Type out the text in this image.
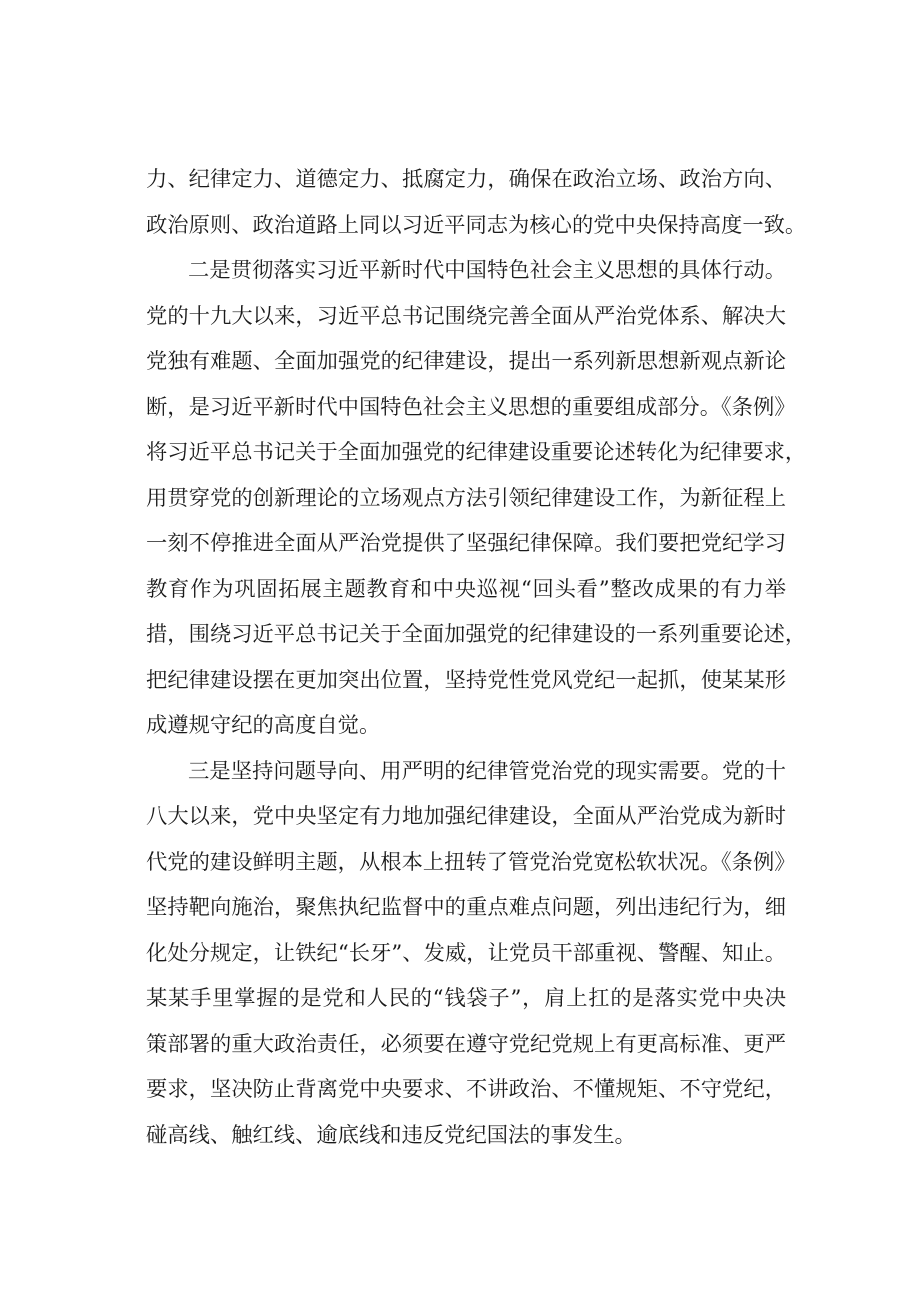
力、纪律定力、道德定力、抵腐定力，确保在政治立场、政治方向、
政治原则、政治道路上同以习近平同志为核心的党中央保持高度一致。
二是贯彻落实习近平新时代中国特色社会主义思想的具体行动。
党的十九大以来，习近平总书记围绕完善全面从严治党体系、解决大
党独有难题、全面加强党的纪律建设，提出一系列新思想新观点新论
断，是习近平新时代中国特色社会主义思想的重要组成部分。《条例》
将习近平总书记关于全面加强党的纪律建设重要论述转化为纪律要求，
用贯穿党的创新理论的立场观点方法引领纪律建设工作，为新征程上
一刻不停推进全面从严治党提供了坚强纪律保障。我们要把党纪学习
教育作为巩固拓展主题教育和中央巡视“回头看”整改成果的有力举
措，围绕习近平总书记关于全面加强党的纪律建设的一系列重要论述，
把纪律建设摆在更加突出位置，坚持党性党风党纪一起抓，使某某形
成遵规守纪的高度自觉。
三是坚持问题导向、用严明的纪律管党治党的现实需要。党的十
八大以来，党中央坚定有力地加强纪律建设，全面从严治党成为新时
代党的建设鲜明主题，从根本上扭转了管党治党宽松软状况。《条例》
坚持靶向施治，聚焦执纪监督中的重点难点问题，列出违纪行为，细
化处分规定，让铁纪“长牙”、发威，让党员干部重视、警醒、知止。
某某手里掌握的是党和人民的“钱袋子”，肩上扛的是落实党中央决
策部署的重大政治责任，必须要在遵守党纪党规上有更高标准、更严
要求，坚决防止背离党中央要求、不讲政治、不懂规矩、不守党纪，
碰高线、触红线、逾底线和违反党纪国法的事发生。
